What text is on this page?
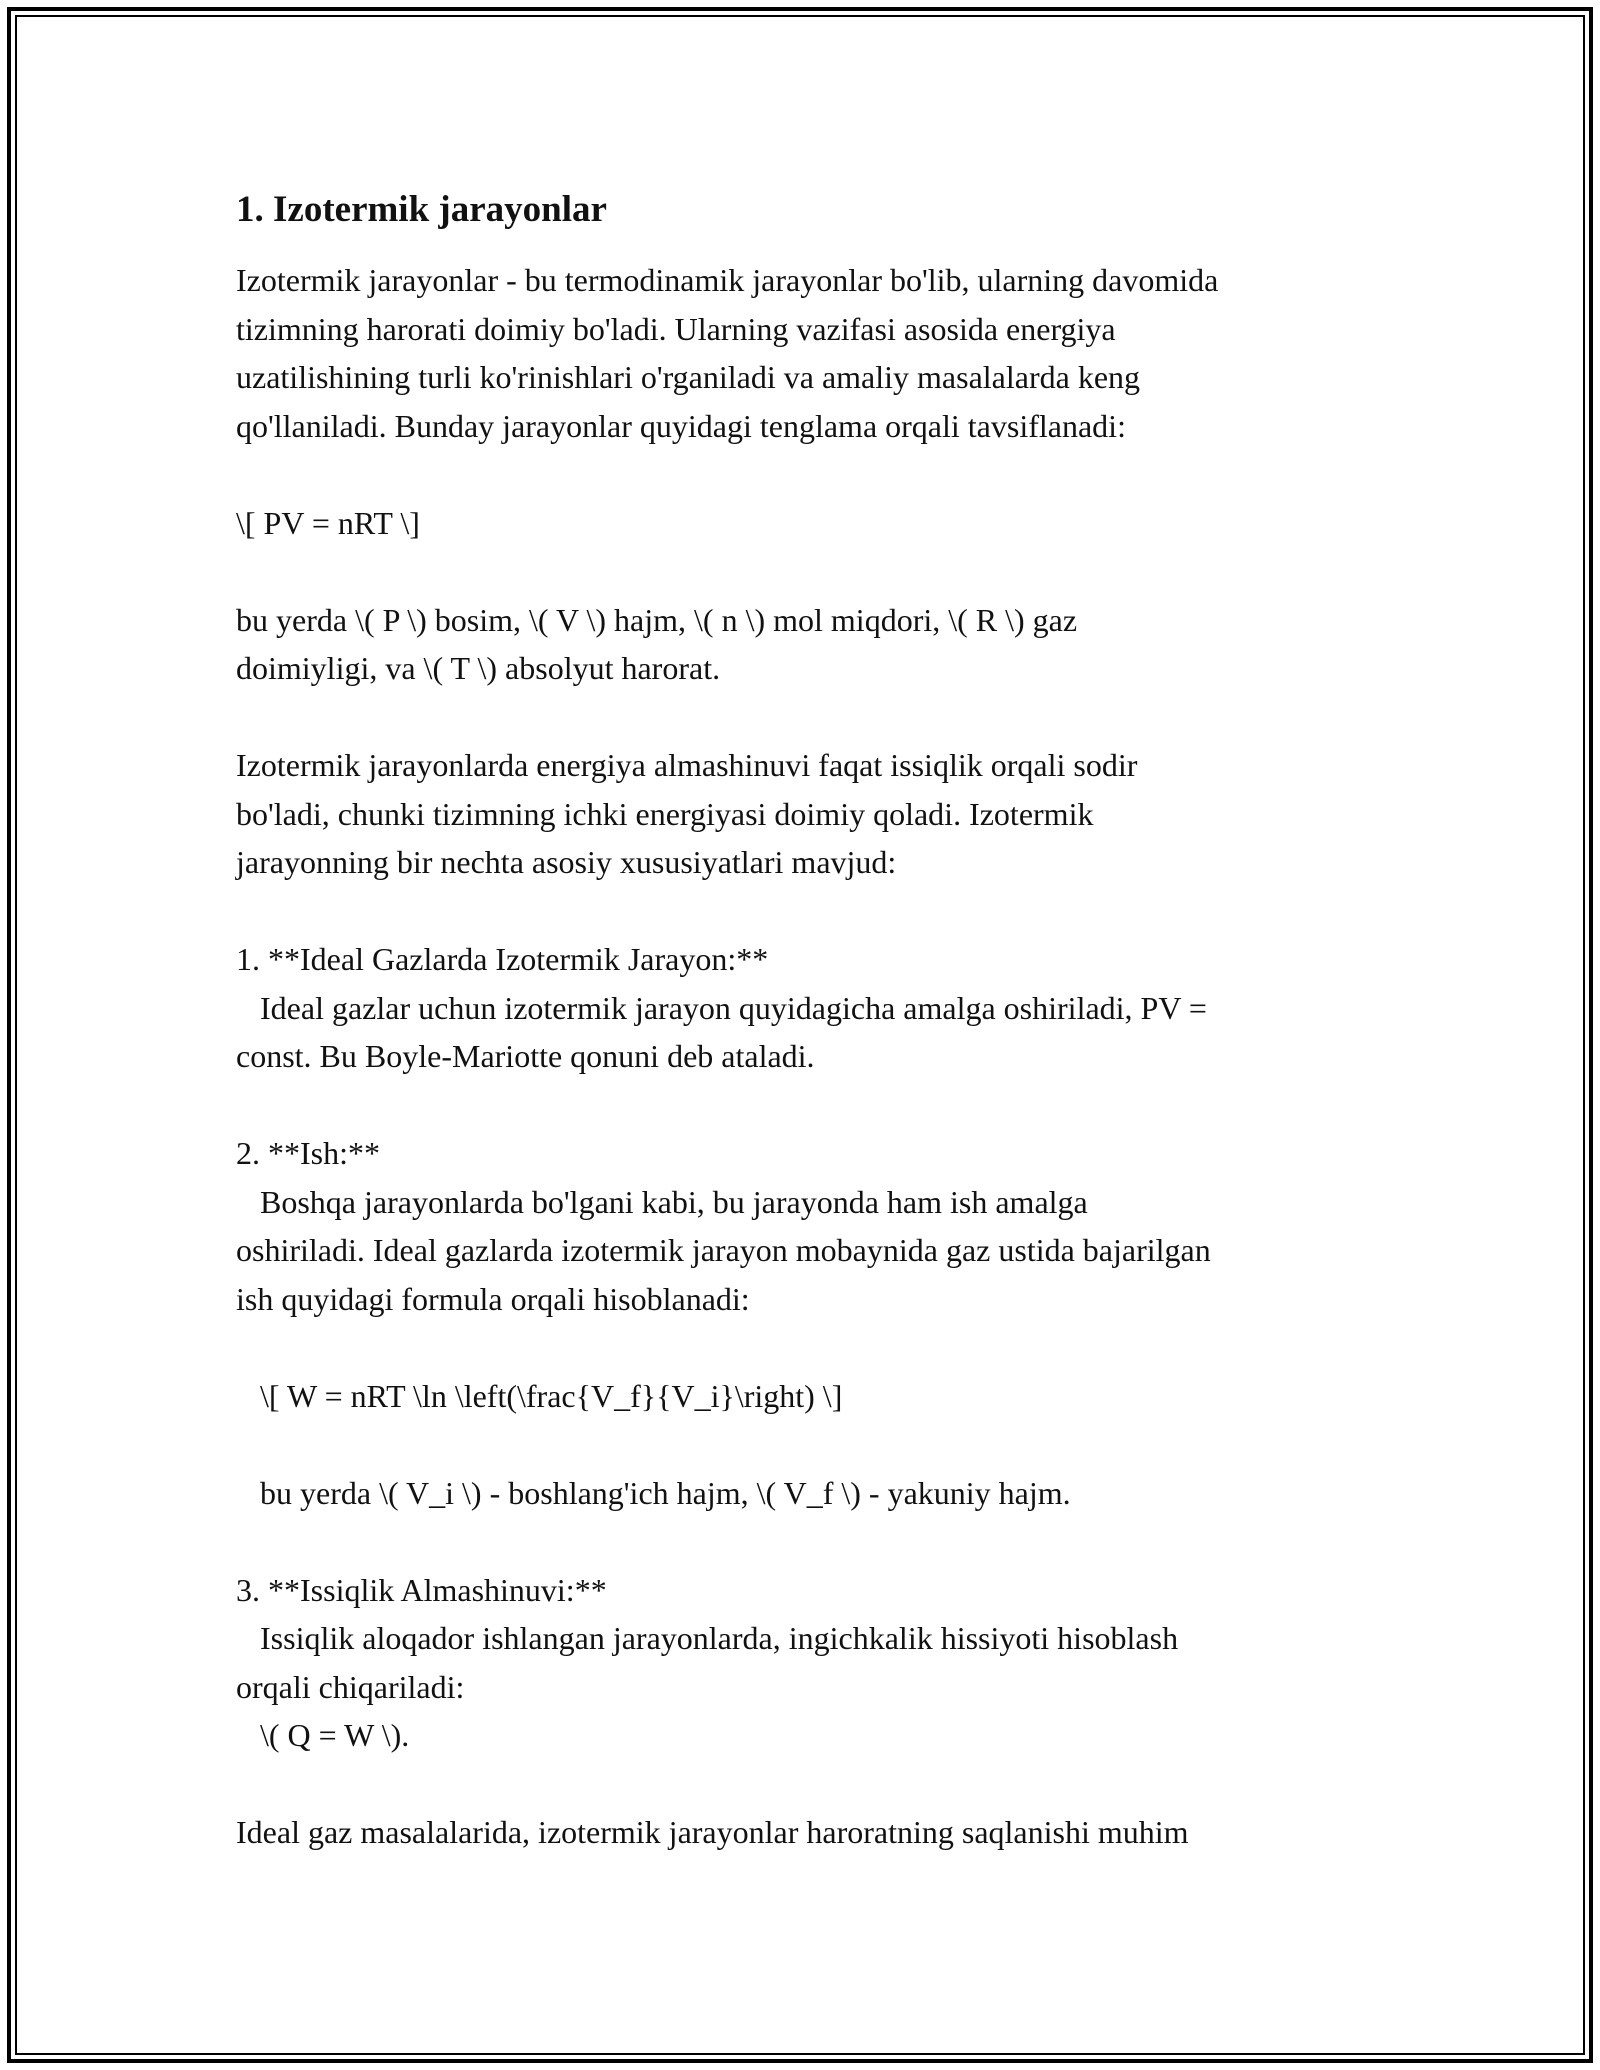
1. Izotermik jarayonlar
Izotermik jarayonlar - bu termodinamik jarayonlar bo'lib, ularning davomida
tizimning harorati doimiy bo'ladi. Ularning vazifasi asosida energiya
uzatilishining turli ko'rinishlari o'rganiladi va amaliy masalalarda keng
qo'llaniladi. Bunday jarayonlar quyidagi tenglama orqali tavsiflanadi:
\[ PV = nRT \]
bu yerda \( P \) bosim, \( V \) hajm, \( n \) mol miqdori, \( R \) gaz
doimiyligi, va \( T \) absolyut harorat.
Izotermik jarayonlarda energiya almashinuvi faqat issiqlik orqali sodir
bo'ladi, chunki tizimning ichki energiyasi doimiy qoladi. Izotermik
jarayonning bir nechta asosiy xususiyatlari mavjud:
1. **Ideal Gazlarda Izotermik Jarayon:**
Ideal gazlar uchun izotermik jarayon quyidagicha amalga oshiriladi, PV =
const. Bu Boyle-Mariotte qonuni deb ataladi.
2. **Ish:**
Boshqa jarayonlarda bo'lgani kabi, bu jarayonda ham ish amalga
oshiriladi. Ideal gazlarda izotermik jarayon mobaynida gaz ustida bajarilgan
ish quyidagi formula orqali hisoblanadi:
\[ W = nRT \ln \left(\frac{V_f}{V_i}\right) \]
bu yerda \( V_i \) - boshlang'ich hajm, \( V_f \) - yakuniy hajm.
3. **Issiqlik Almashinuvi:**
Issiqlik aloqador ishlangan jarayonlarda, ingichkalik hissiyoti hisoblash
orqali chiqariladi:
\( Q = W \).
Ideal gaz masalalarida, izotermik jarayonlar haroratning saqlanishi muhim
